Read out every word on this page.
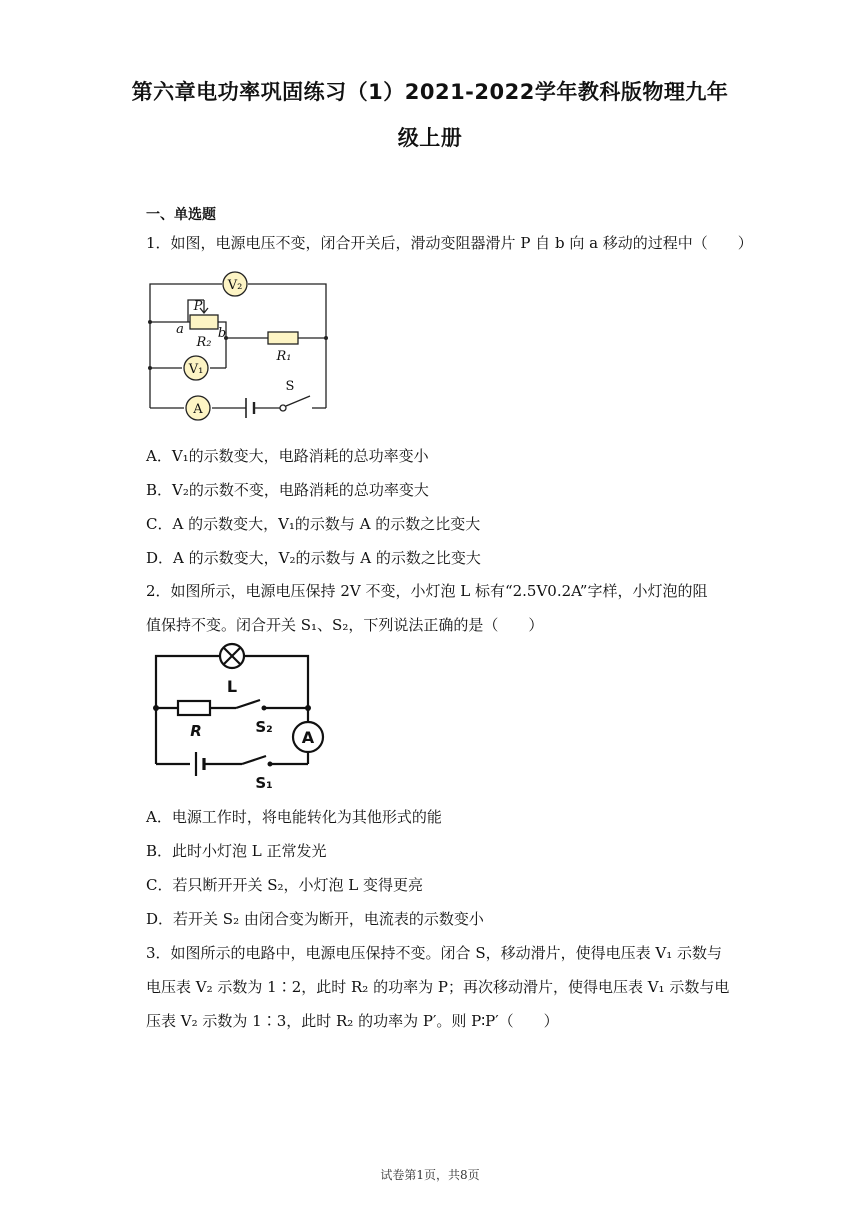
第六章电功率巩固练习（1）2021-2022学年教科版物理九年
级上册
一、单选题
1．如图，电源电压不变，闭合开关后，滑动变阻器滑片 P 自 b 向 a 移动的过程中（　　）
V₂
V₁
A
S
P
a	b
R₂
R₁
A．V₁的示数变大，电路消耗的总功率变小
B．V₂的示数不变，电路消耗的总功率变大
C．A 的示数变大，V₁的示数与 A 的示数之比变大
D．A 的示数变大，V₂的示数与 A 的示数之比变大
2．如图所示，电源电压保持 2V 不变，小灯泡 L 标有“2.5V0.2A”字样，小灯泡的阻
值保持不变。闭合开关 S₁、S₂，下列说法正确的是（　　）
L
R	S₂
S₁
A
A．电源工作时，将电能转化为其他形式的能
B．此时小灯泡 L 正常发光
C．若只断开开关 S₂，小灯泡 L 变得更亮
D．若开关 S₂ 由闭合变为断开，电流表的示数变小
3．如图所示的电路中，电源电压保持不变。闭合 S，移动滑片，使得电压表 V₁ 示数与
电压表 V₂ 示数为 1∶2，此时 R₂ 的功率为 P；再次移动滑片，使得电压表 V₁ 示数与电
压表 V₂ 示数为 1∶3，此时 R₂ 的功率为 P′。则 P∶P′（　　）
试卷第1页，共8页
